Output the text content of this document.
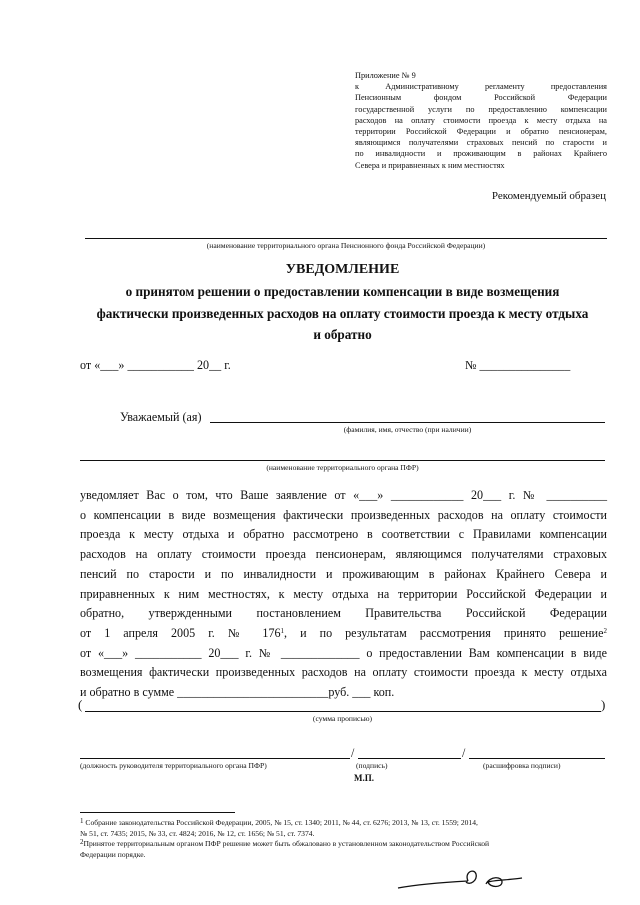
Приложение № 9
к Административному регламенту предоставления
Пенсионным фондом Российской Федерации
государственной услуги по предоставлению компенсации
расходов на оплату стоимости проезда к месту отдыха на
территории Российской Федерации и обратно пенсионерам,
являющимся получателями страховых пенсий по старости и
по инвалидности и проживающим в районах Крайнего
Севера и приравненных к ним местностях
Рекомендуемый образец
(наименование территориального органа Пенсионного фонда Российской Федерации)
УВЕДОМЛЕНИЕ
о принятом решении о предоставлении компенсации в виде возмещения
фактически произведенных расходов на оплату стоимости проезда к месту отдыха
и обратно
от «___» ___________ 20__ г.	№ _______________
Уважаемый (ая)
(фамилия, имя, отчество (при наличии)
(наименование территориального органа ПФР)
уведомляет Вас о том, что Ваше заявление от «___» ____________ 20___ г. № __________
о компенсации в виде возмещения фактически произведенных расходов на оплату стоимости
проезда к месту отдыха и обратно рассмотрено в соответствии с Правилами компенсации
расходов на оплату стоимости проезда пенсионерам, являющимся получателями страховых
пенсий по старости и по инвалидности и проживающим в районах Крайнего Севера и
приравненных к ним местностях, к месту отдыха на территории Российской Федерации и
обратно, утвержденными постановлением Правительства Российской Федерации
от 1 апреля 2005 г. № $176^1$, и по результатам рассмотрения принято решение$^2$
от «___» ___________ 20___ г. № _____________ о предоставлении Вам компенсации в виде
возмещения фактически произведенных расходов на оплату стоимости проезда к месту отдыха
и обратно в сумме _________________________руб. ___ коп.
(	)
(сумма прописью)
/	/
(должность руководителя территориального органа ПФР)	(подпись)	(расшифровка подписи)
М.П.
$^1$ Собрание законодательства Российской Федерации, 2005, № 15, ст. 1340; 2011, № 44, ст. 6276; 2013, № 13, ст. 1559; 2014,
№ 51, ст. 7435; 2015, № 33, ст. 4824; 2016, № 12, ст. 1656; № 51, ст. 7374.
$^2$Принятое территориальным органом ПФР решение может быть обжаловано в установленном законодательством Российской
Федерации порядке.
